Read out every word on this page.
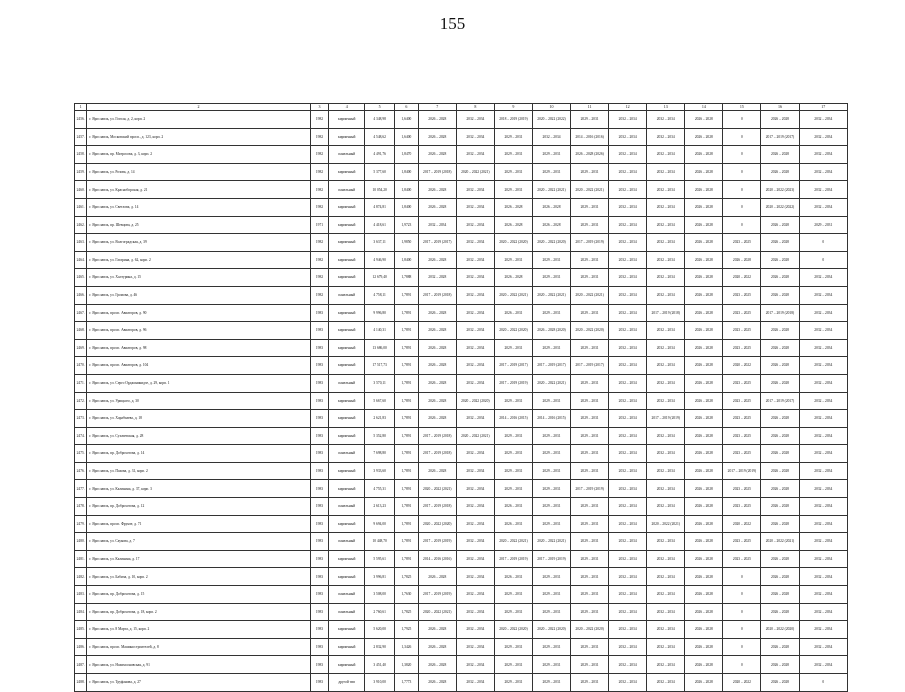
155
1	2	3	4	5	6	7	8	9	10	11	12	13	14	15	16	17
2456.	г. Ярославль, ул. Гоголя, д. 2, корп. 2	1982	кирпичный	4 348,98	1,6400	2026 – 2028	2032 – 2034	2018 – 2019 (2019)	2020 – 2022 (2022)	2029 – 2031	2032 – 2034	2032 – 2034	2026 – 2028	0	2026 – 2028	2032 – 2034
2457.	г. Ярославль, Московский просп., д. 123, корп. 2	1982	кирпичный	4 548,62	1,6400	2026 – 2028	2032 – 2034	2029 – 2031	2032 – 2034	2014 – 2016 (2016)	2032 – 2034	2032 – 2034	2026 – 2028	0	2017 – 2019 (2017)	2032 – 2034
2458.	г. Ярославль, пр. Матросова, д. 3, корп. 2	1982	панельный	4 491,76	1,8470	2026 – 2028	2032 – 2034	2029 – 2031	2029 – 2031	2026 – 2028 (2026)	2032 – 2034	2032 – 2034	2026 – 2028	0	2026 – 2028	2032 – 2034
2459.	г. Ярославль, ул. Розова, д. 14	1982	кирпичный	5 377,60	1,8400	2017 – 2019 (2018)	2020 – 2022 (2021)	2029 – 2031	2029 – 2031	2029 – 2031	2032 – 2034	2032 – 2034	2026 – 2028	0	2026 – 2028	2032 – 2034
2460.	г. Ярославль, ул. Красноборская, д. 21	1982	панельный	10 054,20	1,8400	2026 – 2028	2032 – 2034	2029 – 2031	2020 – 2022 (2021)	2020 – 2022 (2021)	2032 – 2034	2032 – 2034	2026 – 2028	0	2020 – 2022 (2023)	2032 – 2034
2461.	г. Ярославль, ул. Светлова, д. 14	1982	кирпичный	4 874,81	1,8400	2026 – 2028	2032 – 2034	2026 – 2028	2026 – 2028	2029 – 2031	2032 – 2034	2032 – 2034	2026 – 2028	0	2020 – 2022 (2022)	2032 – 2034
2462.	г. Ярославль, пр. Шевцова, д. 25	1971	кирпичный	4 418,61	1,9723	2032 – 2034	2032 – 2034	2026 – 2028	2026 – 2028	2029 – 2031	2032 – 2034	2032 – 2034	2026 – 2028	0	2026 – 2028	2029 – 2031
2463.	г. Ярославль, ул. Волгоградская, д. 39	1982	кирпичный	3 637,11	1,9850	2017 – 2019 (2017)	2032 – 2034	2020 – 2022 (2020)	2020 – 2022 (2020)	2017 – 2019 (2019)	2032 – 2034	2032 – 2034	2026 – 2028	2023 – 2025	2026 – 2028	0
2464.	г. Ярославль, ул. Гагарина, д. 62, корп. 2	1982	кирпичный	4 946,90	1,8400	2026 – 2028	2032 – 2034	2029 – 2031	2029 – 2031	2029 – 2031	2032 – 2034	2032 – 2034	2026 – 2028	2026 – 2028	2026 – 2028	0
2465.	г. Ярославль, ул. Халтурина, д. 15	1982	кирпичный	12 679,40	1,7888	2032 – 2028	2032 – 2034	2026 – 2028	2029 – 2031	2029 – 2031	2032 – 2034	2032 – 2034	2026 – 2028	2020 – 2022	2026 – 2028	2032 – 2034
2466.	г. Ярославль, ул. Громова, д. 46	1982	панельный	4 758,11	1,7891	2017 – 2019 (2018)	2032 – 2034	2020 – 2022 (2021)	2020 – 2022 (2021)	2020 – 2022 (2021)	2032 – 2034	2032 – 2034	2026 – 2028	2023 – 2025	2026 – 2028	2032 – 2034
2467.	г. Ярославль, просп. Авиаторов, д. 90	1983	кирпичный	9 996,80	1,7891	2026 – 2028	2032 – 2034	2026 – 2031	2029 – 2031	2029 – 2031	2032 – 2034	2017 – 2019 (2018)	2026 – 2028	2023 – 2025	2017 – 2019 (2018)	2032 – 2034
2468.	г. Ярославль, просп. Авиаторов, д. 96	1983	кирпичный	4 140,31	1,7891	2026 – 2028	2032 – 2034	2020 – 2022 (2020)	2026 – 2028 (2020)	2020 – 2022 (2020)	2032 – 2034	2032 – 2034	2026 – 2028	2023 – 2025	2026 – 2028	2032 – 2034
2469.	г. Ярославль, просп. Авиаторов, д. 98	1983	кирпичный	13 686,00	1,7891	2026 – 2028	2032 – 2034	2029 – 2031	2029 – 2031	2029 – 2031	2032 – 2034	2032 – 2034	2026 – 2028	2023 – 2025	2026 – 2028	2032 – 2034
2470.	г. Ярославль, просп. Авиаторов, д. 104	1983	кирпичный	17 517,73	1,7891	2026 – 2028	2032 – 2034	2017 – 2019 (2017)	2017 – 2019 (2017)	2017 – 2019 (2017)	2032 – 2034	2032 – 2034	2026 – 2028	2020 – 2022	2026 – 2028	2032 – 2034
2471.	г. Ярославль, ул. Серго Орджоникидзе, д. 29, корп. 1	1983	панельный	3 570,11	1,7891	2026 – 2028	2032 – 2034	2017 – 2019 (2019)	2020 – 2022 (2021)	2029 – 2031	2032 – 2034	2032 – 2034	2026 – 2028	2023 – 2025	2026 – 2028	2032 – 2034
2472.	г. Ярославль, ул. Урицкого, д. 30	1983	кирпичный	5 667,60	1,7891	2026 – 2028	2020 – 2022 (2020)	2029 – 2031	2029 – 2031	2029 – 2031	2032 – 2034	2032 – 2034	2026 – 2028	2023 – 2025	2017 – 2019 (2017)	2032 – 2034
2473.	г. Ярославль, ул. Харабчаева, д. 18	1983	кирпичный	2 621,83	1,7891	2026 – 2028	2032 – 2034	2014 – 2016 (2015)	2014 – 2016 (2015)	2029 – 2031	2032 – 2034	2017 – 2019 (2019)	2026 – 2028	2023 – 2025	2026 – 2028	2032 – 2034
2474.	г. Ярославль, ул. Сухачевская, д. 28	1983	кирпичный	5 352,80	1,7891	2017 – 2019 (2018)	2020 – 2022 (2021)	2029 – 2031	2029 – 2031	2029 – 2031	2032 – 2034	2032 – 2034	2026 – 2028	2023 – 2025	2026 – 2028	2032 – 2034
2475.	г. Ярославль, пр. Доброхотова, д. 14	1983	панельный	7 698,80	1,7891	2017 – 2019 (2018)	2032 – 2034	2029 – 2031	2029 – 2031	2029 – 2031	2032 – 2034	2032 – 2034	2026 – 2028	2023 – 2025	2026 – 2028	2032 – 2034
2476.	г. Ярославль, ул. Пахова, д. 31, корп. 2	1983	кирпичный	3 933,60	1,7891	2026 – 2028	2032 – 2034	2029 – 2031	2029 – 2031	2029 – 2031	2032 – 2034	2032 – 2034	2026 – 2028	2017 – 2019 (2019)	2026 – 2028	2032 – 2034
2477.	г. Ярославль, ул. Калинина, д. 37, корп. 3	1983	кирпичный	4 755,31	1,7891	2020 – 2022 (2021)	2032 – 2034	2029 – 2031	2029 – 2031	2017 – 2019 (2019)	2032 – 2034	2032 – 2034	2026 – 2028	2023 – 2025	2026 – 2028	2032 – 2034
2478.	г. Ярославль, пр. Доброхотова, д. 12	1983	панельный	2 613,23	1,7891	2017 – 2019 (2018)	2032 – 2034	2026 – 2031	2029 – 2031	2029 – 2031	2032 – 2034	2032 – 2034	2026 – 2028	2023 – 2025	2026 – 2028	2032 – 2034
2479.	г. Ярославль, просп. Фрунзе, д. 71	1983	кирпичный	9 694,00	1,7891	2020 – 2022 (2020)	2032 – 2034	2026 – 2031	2029 – 2031	2029 – 2031	2032 – 2034	2020 – 2022 (2021)	2026 – 2028	2020 – 2022	2026 – 2028	2032 – 2034
2480.	г. Ярославль, ул. Саукова, д. 7	1983	панельный	10 448,70	1,7891	2017 – 2019 (2019)	2032 – 2034	2020 – 2022 (2021)	2020 – 2022 (2021)	2029 – 2031	2032 – 2034	2032 – 2034	2026 – 2028	2023 – 2025	2020 – 2022 (2021)	2032 – 2034
2481.	г. Ярославль, ул. Калинина, д. 17	1983	кирпичный	5 595,61	1,7891	2014 – 2016 (2016)	2032 – 2034	2017 – 2019 (2019)	2017 – 2019 (2019)	2029 – 2031	2032 – 2034	2032 – 2034	2026 – 2028	2023 – 2025	2026 – 2028	2032 – 2034
2482.	г. Ярославль, ул. Бабича, д. 10, корп. 2	1983	кирпичный	3 996,81	1,7825	2026 – 2028	2032 – 2034	2026 – 2031	2029 – 2031	2029 – 2031	2032 – 2034	2032 – 2034	2026 – 2028	0	2026 – 2028	2032 – 2034
2483.	г. Ярославль, пр. Доброхотова, д. 15	1983	панельный	3 508,00	1,7630	2017 – 2019 (2019)	2032 – 2034	2029 – 2031	2029 – 2031	2029 – 2031	2032 – 2034	2032 – 2034	2026 – 2028	0	2026 – 2028	2032 – 2034
2484.	г. Ярославль, пр. Доброхотова, д. 18, корп. 2	1983	панельный	2 760,61	1,7825	2020 – 2022 (2021)	2032 – 2034	2029 – 2031	2029 – 2031	2029 – 2031	2032 – 2034	2032 – 2034	2026 – 2028	0	2026 – 2028	2032 – 2034
2485.	г. Ярославль, ул. 8 Марта, д. 15, корп. 2	1983	кирпичный	5 620,00	1,7925	2026 – 2028	2032 – 2034	2020 – 2022 (2020)	2020 – 2022 (2020)	2020 – 2022 (2020)	2032 – 2034	2032 – 2034	2026 – 2028	0	2020 – 2022 (2020)	2032 – 2034
2486.	г. Ярославль, просп. Машиностроителей, д. 8	1983	кирпичный	2 832,90	1,3426	2026 – 2028	2032 – 2034	2029 – 2031	2029 – 2031	2029 – 2031	2032 – 2034	2032 – 2034	2026 – 2028	0	2026 – 2028	2032 – 2034
2487.	г. Ярославль, ул. Нахимсоновская, д. 91	1983	кирпичный	3 451,40	1,3820	2026 – 2028	2032 – 2034	2029 – 2031	2029 – 2031	2029 – 2031	2032 – 2034	2032 – 2034	2026 – 2028	0	2026 – 2028	2032 – 2034
2488.	г. Ярославль, ул. Труфанова, д. 27	1983	другой тип	3 910,00	1,7773	2026 – 2028	2032 – 2034	2029 – 2031	2029 – 2031	2029 – 2031	2032 – 2034	2032 – 2034	2026 – 2028	2020 – 2022	2026 – 2028	0
